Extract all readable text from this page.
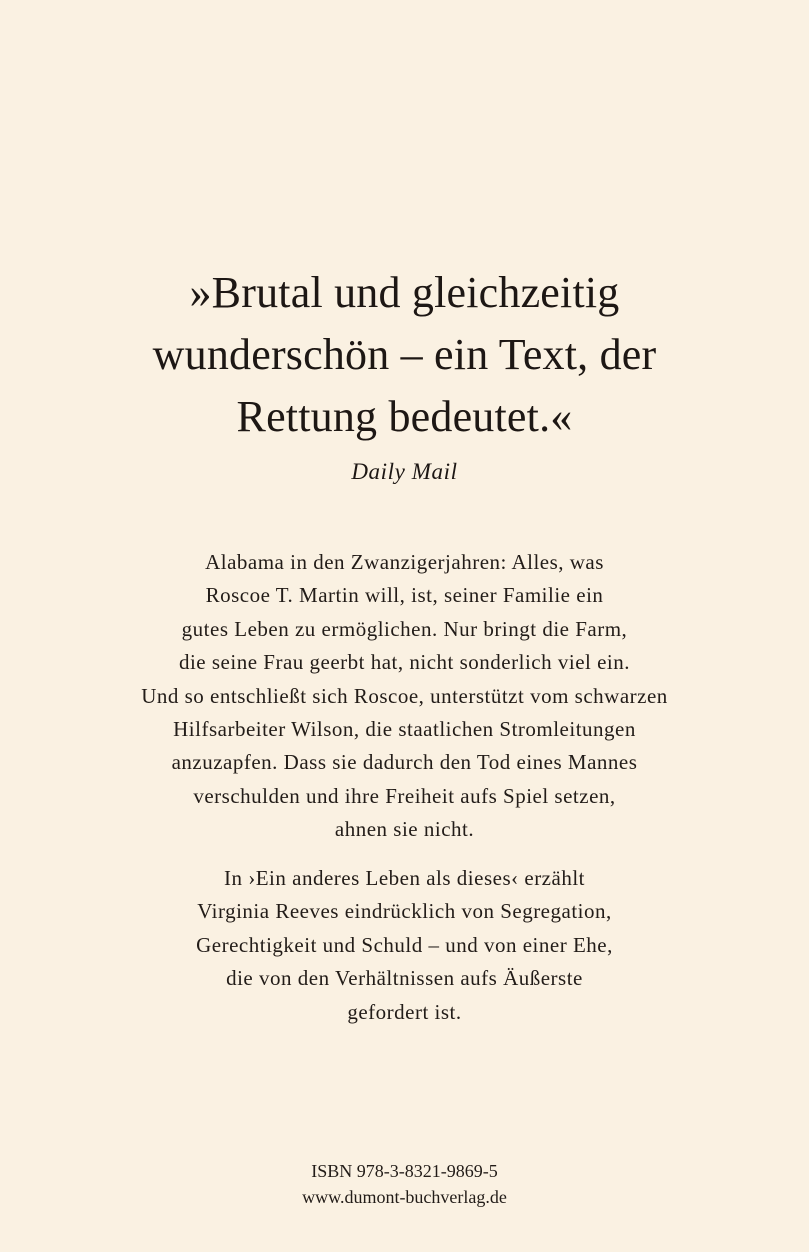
»Brutal und gleichzeitig
wunderschön – ein Text, der
Rettung bedeutet.«
Daily Mail
Alabama in den Zwanzigerjahren: Alles, was
Roscoe T. Martin will, ist, seiner Familie ein
gutes Leben zu ermöglichen. Nur bringt die Farm,
die seine Frau geerbt hat, nicht sonderlich viel ein.
Und so entschließt sich Roscoe, unterstützt vom schwarzen
Hilfsarbeiter Wilson, die staatlichen Stromleitungen
anzuzapfen. Dass sie dadurch den Tod eines Mannes
verschulden und ihre Freiheit aufs Spiel setzen,
ahnen sie nicht.
In ›Ein anderes Leben als dieses‹ erzählt
Virginia Reeves eindrücklich von Segregation,
Gerechtigkeit und Schuld – und von einer Ehe,
die von den Verhältnissen aufs Äußerste
gefordert ist.
ISBN 978-3-8321-9869-5
www.dumont-buchverlag.de
